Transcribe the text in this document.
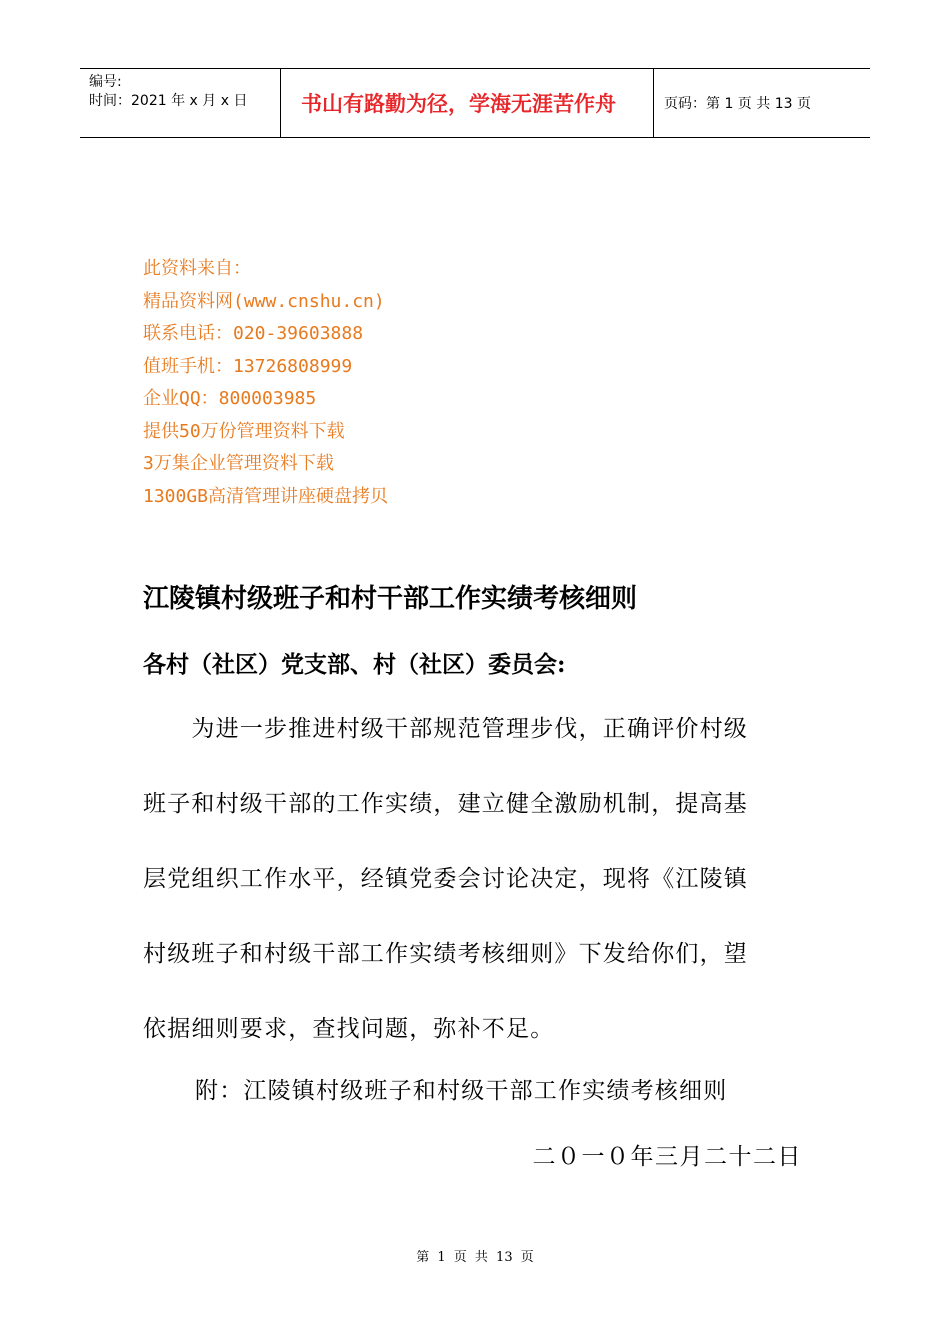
编号:
时间：2021 年 x 月 x 日	书山有路勤为径，学海无涯苦作舟	页码：第 1 页 共 13 页
此资料来自：
精品资料网(www.cnshu.cn)
联系电话：020-39603888
值班手机：13726808999
企业QQ：800003985
提供50万份管理资料下载
3万集企业管理资料下载
1300GB高清管理讲座硬盘拷贝
江陵镇村级班子和村干部工作实绩考核细则
各村（社区）党支部、村（社区）委员会:
　　为进一步推进村级干部规范管理步伐，正确评价村级
班子和村级干部的工作实绩，建立健全激励机制，提高基
层党组织工作水平，经镇党委会讨论决定，现将《江陵镇
村级班子和村级干部工作实绩考核细则》下发给你们，望
依据细则要求，查找问题，弥补不足。
附：江陵镇村级班子和村级干部工作实绩考核细则
二０一０年三月二十二日
第 1 页 共 13 页
